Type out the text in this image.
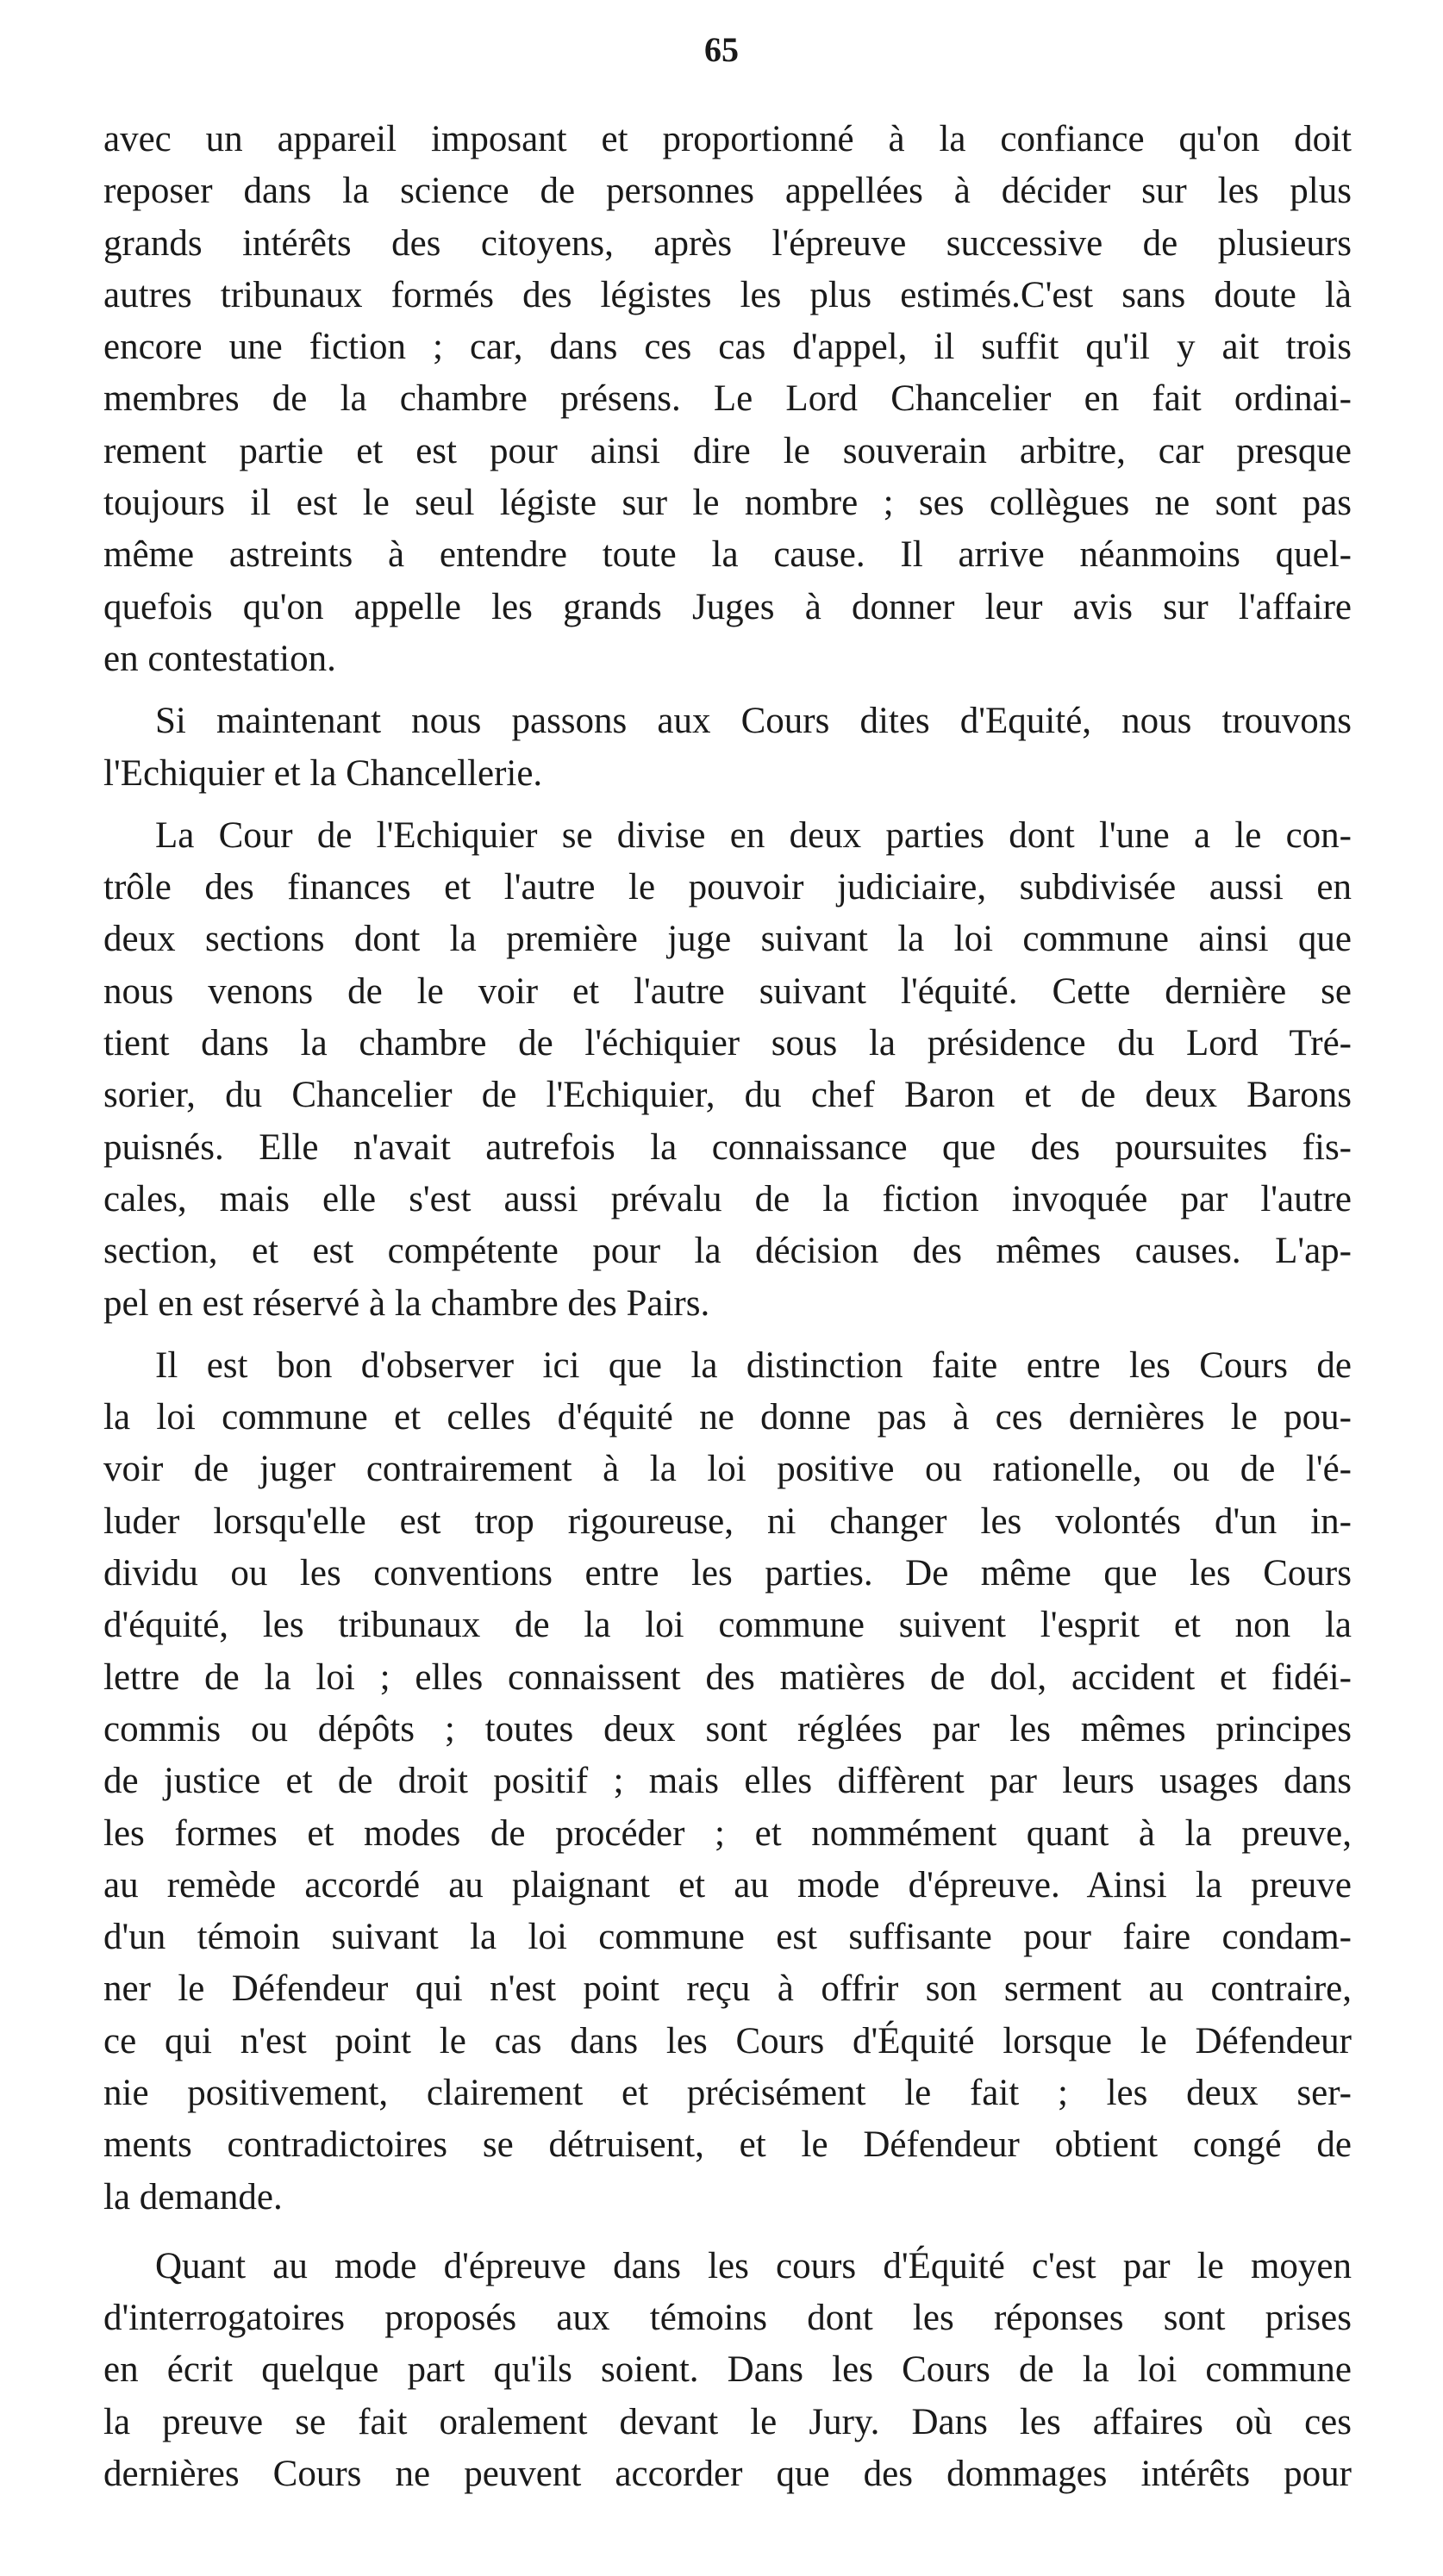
65

avec un appareil imposant et proportionné à la confiance qu'on doit
reposer dans la science de personnes appellées à décider sur les plus
grands intérêts des citoyens, après l'épreuve successive de plusieurs
autres tribunaux formés des légistes les plus estimés.C'est sans doute là
encore une fiction ; car, dans ces cas d'appel, il suffit qu'il y ait trois
membres de la chambre présens. Le Lord Chancelier en fait ordinai-
rement partie et est pour ainsi dire le souverain arbitre, car presque
toujours il est le seul légiste sur le nombre ; ses collègues ne sont pas
même astreints à entendre toute la cause. Il arrive néanmoins quel-
quefois qu'on appelle les grands Juges à donner leur avis sur l'affaire
en contestation.

Si maintenant nous passons aux Cours dites d'Equité, nous trouvons
l'Echiquier et la Chancellerie.

La Cour de l'Echiquier se divise en deux parties dont l'une a le con-
trôle des finances et l'autre le pouvoir judiciaire, subdivisée aussi en
deux sections dont la première juge suivant la loi commune ainsi que
nous venons de le voir et l'autre suivant l'équité. Cette dernière se
tient dans la chambre de l'échiquier sous la présidence du Lord Tré-
sorier, du Chancelier de l'Echiquier, du chef Baron et de deux Barons
puisnés. Elle n'avait autrefois la connaissance que des poursuites fis-
cales, mais elle s'est aussi prévalu de la fiction invoquée par l'autre
section, et est compétente pour la décision des mêmes causes. L'ap-
pel en est réservé à la chambre des Pairs.

Il est bon d'observer ici que la distinction faite entre les Cours de
la loi commune et celles d'équité ne donne pas à ces dernières le pou-
voir de juger contrairement à la loi positive ou rationelle, ou de l'é-
luder lorsqu'elle est trop rigoureuse, ni changer les volontés d'un in-
dividu ou les conventions entre les parties. De même que les Cours
d'équité, les tribunaux de la loi commune suivent l'esprit et non la
lettre de la loi ; elles connaissent des matières de dol, accident et fidéi-
commis ou dépôts ; toutes deux sont réglées par les mêmes principes
de justice et de droit positif ; mais elles diffèrent par leurs usages dans
les formes et modes de procéder ; et nommément quant à la preuve,
au remède accordé au plaignant et au mode d'épreuve. Ainsi la preuve
d'un témoin suivant la loi commune est suffisante pour faire condam-
ner le Défendeur qui n'est point reçu à offrir son serment au contraire,
ce qui n'est point le cas dans les Cours d'Équité lorsque le Défendeur
nie positivement, clairement et précisément le fait ; les deux ser-
ments contradictoires se détruisent, et le Défendeur obtient congé de
la demande.

Quant au mode d'épreuve dans les cours d'Équité c'est par le moyen
d'interrogatoires proposés aux témoins dont les réponses sont prises
en écrit quelque part qu'ils soient. Dans les Cours de la loi commune
la preuve se fait oralement devant le Jury. Dans les affaires où ces
dernières Cours ne peuvent accorder que des dommages intérêts pour
